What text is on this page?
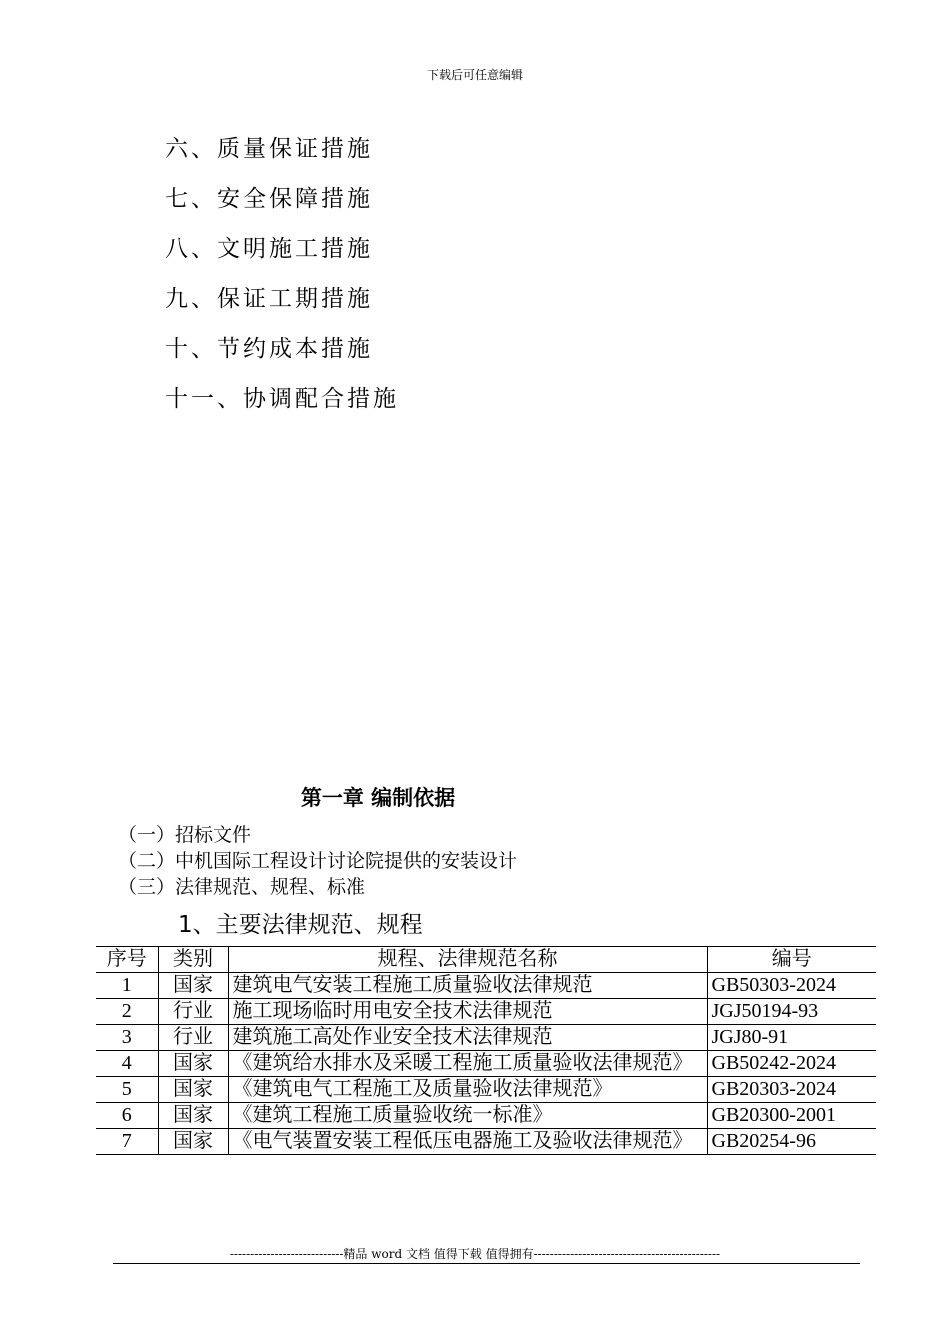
下载后可任意编辑
六、质量保证措施
七、安全保障措施
八、文明施工措施
九、保证工期措施
十、节约成本措施
十一、协调配合措施
第一章 编制依据
（一）招标文件
（二）中机国际工程设计讨论院提供的安装设计
（三）法律规范、规程、标准
1、主要法律规范、规程
序号	类别	规程、法律规范名称	编号
1	国家	建筑电气安装工程施工质量验收法律规范	GB50303-2024
2	行业	施工现场临时用电安全技术法律规范	JGJ50194-93
3	行业	建筑施工高处作业安全技术法律规范	JGJ80-91
4	国家	《建筑给水排水及采暖工程施工质量验收法律规范》	GB50242-2024
5	国家	《建筑电气工程施工及质量验收法律规范》	GB20303-2024
6	国家	《建筑工程施工质量验收统一标准》	GB20300-2001
7	国家	《电气装置安装工程低压电器施工及验收法律规范》	GB20254-96
----------------------------精品 word 文档 值得下载 值得拥有----------------------------------------------
